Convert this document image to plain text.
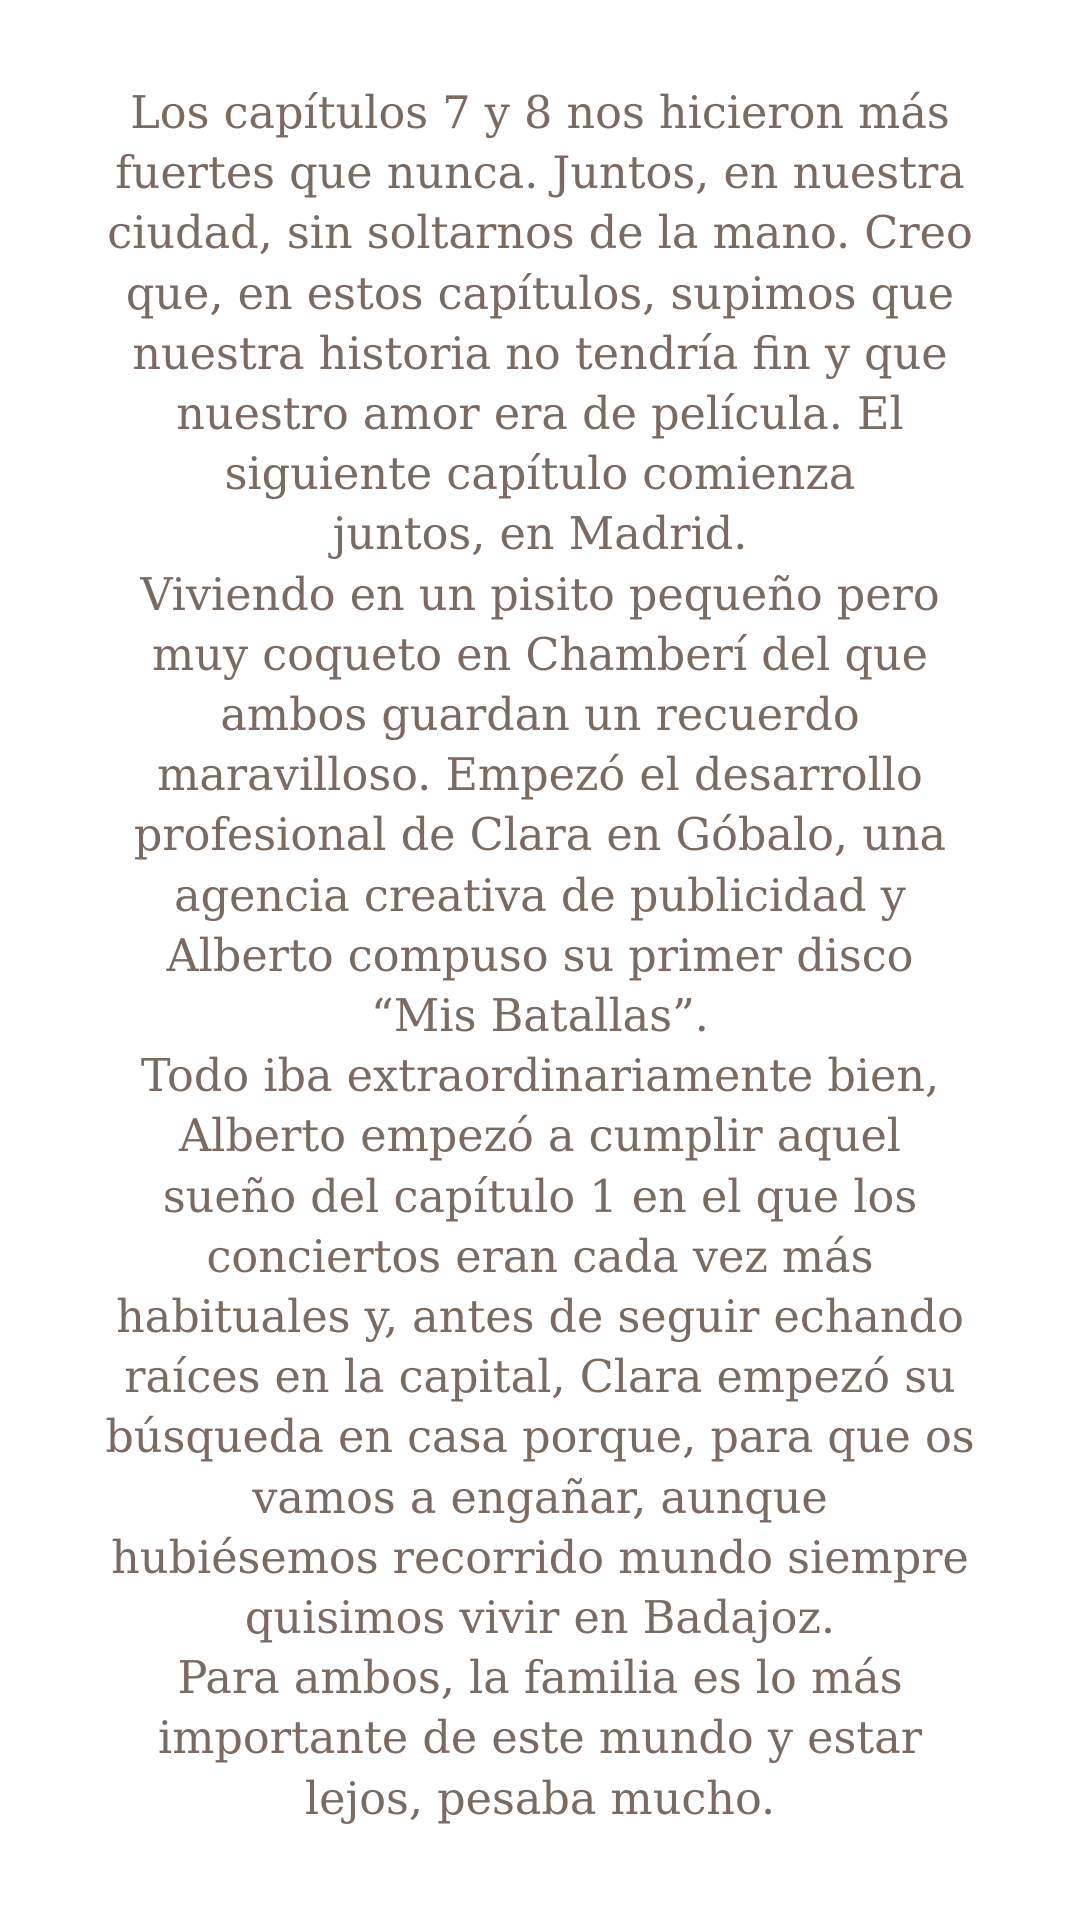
Los capítulos 7 y 8 nos hicieron más
fuertes que nunca. Juntos, en nuestra
ciudad, sin soltarnos de la mano. Creo
que, en estos capítulos, supimos que
nuestra historia no tendría fin y que
nuestro amor era de película. El
siguiente capítulo comienza
juntos, en Madrid.
Viviendo en un pisito pequeño pero
muy coqueto en Chamberí del que
ambos guardan un recuerdo
maravilloso. Empezó el desarrollo
profesional de Clara en Góbalo, una
agencia creativa de publicidad y
Alberto compuso su primer disco
“Mis Batallas”.
Todo iba extraordinariamente bien,
Alberto empezó a cumplir aquel
sueño del capítulo 1 en el que los
conciertos eran cada vez más
habituales y, antes de seguir echando
raíces en la capital, Clara empezó su
búsqueda en casa porque, para que os
vamos a engañar, aunque
hubiésemos recorrido mundo siempre
quisimos vivir en Badajoz.
Para ambos, la familia es lo más
importante de este mundo y estar
lejos, pesaba mucho.
